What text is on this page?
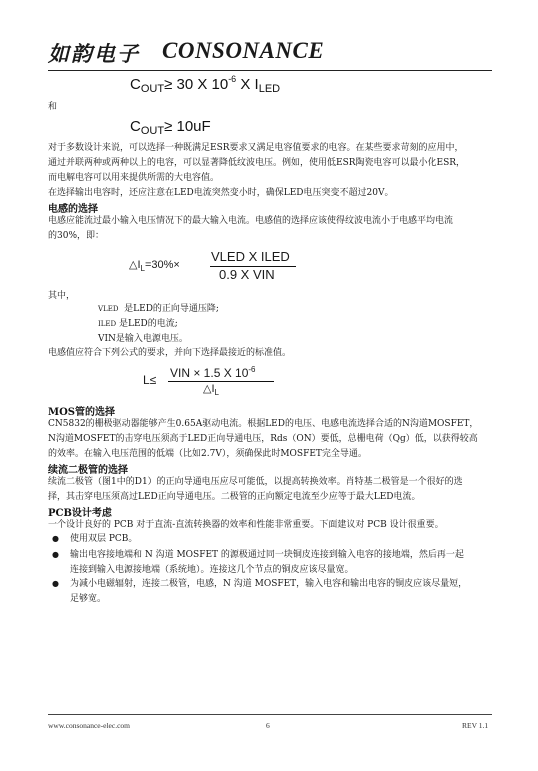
如韵电子 CONSONANCE
$C_{OUT}\ge 30$ X $10^{-6}$ X $I_{LED}$
和
$C_{OUT}\ge 10uF$
对于多数设计来说，可以选择一种既满足ESR要求又满足电容值要求的电容。在某些要求苛刻的应用中，
通过并联两种或两种以上的电容，可以显著降低纹波电压。例如，使用低ESR陶瓷电容可以最小化ESR，
而电解电容可以用来提供所需的大电容值。
在选择输出电容时，还应注意在LED电流突然变小时，确保LED电压突变不超过20V。
电感的选择
电感应能流过最小输入电压情况下的最大输入电流。电感值的选择应该使得纹波电流小于电感平均电流
的30%，即：
$\triangle I_L=30\%\times$
VLED X ILED
0.9 X VIN
其中，
VLED 是LED的正向导通压降;
ILED 是LED的电流;
VIN是输入电源电压。
电感值应符合下列公式的要求，并向下选择最接近的标准值。
L≤ VIN × 1.5 X $10^{-6}$
$\triangle I_L$
MOS管的选择
CN5832的栅极驱动器能够产生0.65A驱动电流。根据LED的电压、电感电流选择合适的N沟道MOSFET，
N沟道MOSFET的击穿电压须高于LED正向导通电压，Rds（ON）要低，总栅电荷（Qg）低，以获得较高
的效率。在输入电压范围的低端（比如2.7V），须确保此时MOSFET完全导通。
续流二极管的选择
续流二极管（图1中的D1）的正向导通电压应尽可能低，以提高转换效率。肖特基二极管是一个很好的选
择，其击穿电压须高过LED正向导通电压。二极管的正向额定电流至少应等于最大LED电流。
PCB设计考虑
一个设计良好的 PCB 对于直流-直流转换器的效率和性能非常重要。下面建议对 PCB 设计很重要。
● 使用双层 PCB。
● 输出电容接地端和 N 沟道 MOSFET 的源极通过同一块铜皮连接到输入电容的接地端，然后再一起
连接到输入电源接地端（系统地）。连接这几个节点的铜皮应该尽量宽。
● 为减小电磁辐射，连接二极管，电感，N 沟道 MOSFET，输入电容和输出电容的铜皮应该尽量短，
足够宽。
www.consonance-elec.com	6	REV 1.1
